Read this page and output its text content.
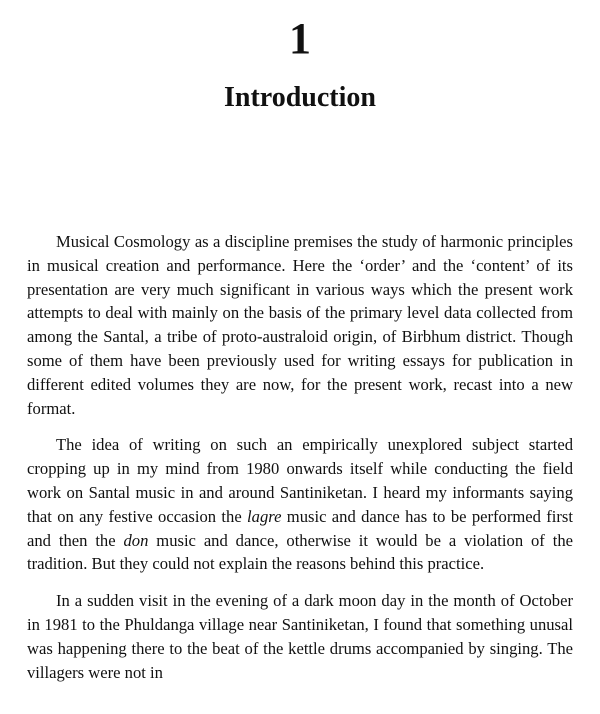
1
Introduction

Musical Cosmology as a discipline premises the study of harmonic principles in musical creation and performance. Here the ‘order’ and the ‘content’ of its presentation are very much significant in various ways which the present work attempts to deal with mainly on the basis of the primary level data collected from among the Santal, a tribe of proto-australoid origin, of Birbhum district. Though some of them have been previously used for writing essays for publication in different edited volumes they are now, for the present work, recast into a new format.

The idea of writing on such an empirically unexplored subject started cropping up in my mind from 1980 onwards itself while conducting the field work on Santal music in and around Santiniketan. I heard my informants saying that on any festive occasion the lagre music and dance has to be performed first and then the don music and dance, otherwise it would be a violation of the tradition. But they could not explain the reasons behind this practice.

In a sudden visit in the evening of a dark moon day in the month of October in 1981 to the Phuldanga village near Santiniketan, I found that something unusal was happening there to the beat of the kettle drums accompanied by singing. The villagers were not in
